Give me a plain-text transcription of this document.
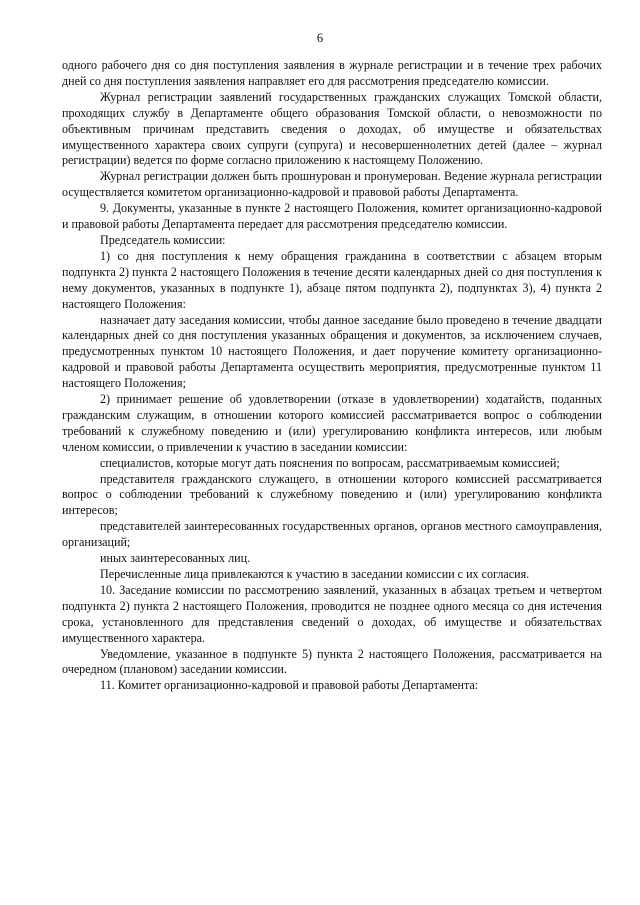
6

одного рабочего дня со дня поступления заявления в журнале регистрации и в течение трех рабочих дней со дня поступления заявления направляет его для рассмотрения председателю комиссии.

Журнал регистрации заявлений государственных гражданских служащих Томской области, проходящих службу в Департаменте общего образования Томской области, о невозможности по объективным причинам представить сведения о доходах, об имуществе и обязательствах имущественного характера своих супруги (супруга) и несовершеннолетних детей (далее – журнал регистрации) ведется по форме согласно приложению к настоящему Положению.

Журнал регистрации должен быть прошнурован и пронумерован. Ведение журнала регистрации осуществляется комитетом организационно-кадровой и правовой работы Департамента.

9. Документы, указанные в пункте 2 настоящего Положения, комитет организационно-кадровой и правовой работы Департамента передает для рассмотрения председателю комиссии.

Председатель комиссии:

1) со дня поступления к нему обращения гражданина в соответствии с абзацем вторым подпункта 2) пункта 2 настоящего Положения в течение десяти календарных дней со дня поступления к нему документов, указанных в подпункте 1), абзаце пятом подпункта 2), подпунктах 3), 4) пункта 2 настоящего Положения:

назначает дату заседания комиссии, чтобы данное заседание было проведено в течение двадцати календарных дней со дня поступления указанных обращения и документов, за исключением случаев, предусмотренных пунктом 10 настоящего Положения, и дает поручение комитету организационно-кадровой и правовой работы Департамента осуществить мероприятия, предусмотренные пунктом 11 настоящего Положения;

2) принимает решение об удовлетворении (отказе в удовлетворении) ходатайств, поданных гражданским служащим, в отношении которого комиссией рассматривается вопрос о соблюдении требований к служебному поведению и (или) урегулированию конфликта интересов, или любым членом комиссии, о привлечении к участию в заседании комиссии:

специалистов, которые могут дать пояснения по вопросам, рассматриваемым комиссией;

представителя гражданского служащего, в отношении которого комиссией рассматривается вопрос о соблюдении требований к служебному поведению и (или) урегулированию конфликта интересов;

представителей заинтересованных государственных органов, органов местного самоуправления, организаций;

иных заинтересованных лиц.

Перечисленные лица привлекаются к участию в заседании комиссии с их согласия.

10. Заседание комиссии по рассмотрению заявлений, указанных в абзацах третьем и четвертом подпункта 2) пункта 2 настоящего Положения, проводится не позднее одного месяца со дня истечения срока, установленного для представления сведений о доходах, об имуществе и обязательствах имущественного характера.

Уведомление, указанное в подпункте 5) пункта 2 настоящего Положения, рассматривается на очередном (плановом) заседании комиссии.

11. Комитет организационно-кадровой и правовой работы Департамента:
